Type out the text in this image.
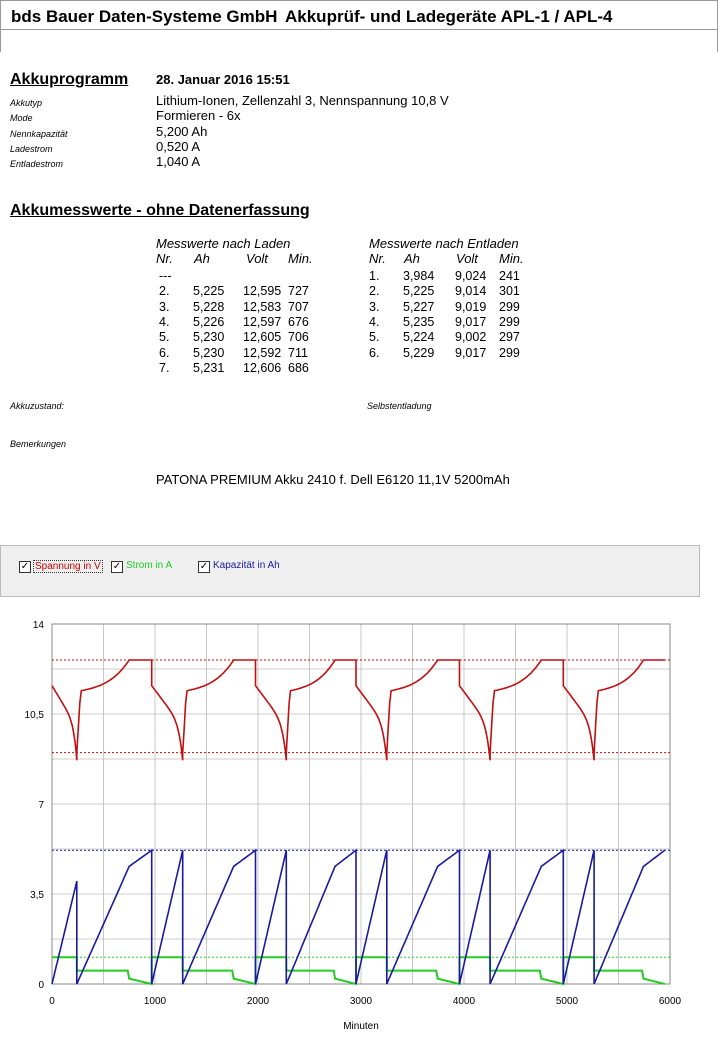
bds Bauer Daten-Systeme GmbH Akkuprüf- und Ladegeräte APL-1 / APL-4
Akkuprogramm 28. Januar 2016 15:51
Akkutyp	Lithium-Ionen, Zellenzahl 3, Nennspannung 10,8 V
Mode	Formieren - 6x
Nennkapazität	5,200 Ah
Ladestrom	0,520 A
Entladestrom	1,040 A
Akkumesswerte - ohne Datenerfassung
Messwerte nach Laden	Messwerte nach Entladen
Nr. Ah	Volt Min.
---
2. 5,225 12,595 727
3. 5,228 12,583 707
4. 5,226 12,597 676
5. 5,230 12,605 706
6. 5,230 12,592 711
7. 5,231 12,606 686
Nr. Ah	Volt Min.
1. 3,984 9,024 241
2. 5,225 9,014 301
3. 5,227 9,019 299
4. 5,235 9,017 299
5. 5,224 9,002 297
6. 5,229 9,017 299
Akkuzustand:	Selbstentladung
Bemerkungen
PATONA PREMIUM Akku 2410 f. Dell E6120 11,1V 5200mAh
✓ Spannung in V ✓ Strom in A	✓ Kapazität in Ah
0	1000	2000	3000	4000	5000	6000
0
3,5
7
10,5
14
Minuten
